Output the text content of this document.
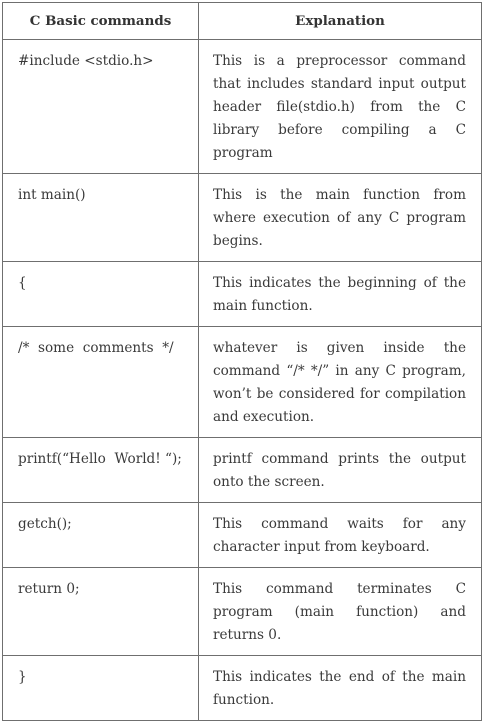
C Basic commands	Explanation
#include <stdio.h>	This is a preprocessor command that includes standard input output header file(stdio.h) from the C library before compiling a C program
int main()	This is the main function from where execution of any C program begins.
{	This indicates the beginning of the main function.
/*  some  comments  */	whatever is given inside the command “/* */” in any C program, won’t be considered for compilation and execution.
printf(“Hello  World! “);	printf command prints the output onto the screen.
getch();	This command waits for any character input from keyboard.
return 0;	This command terminates C program (main function) and returns 0.
}	This indicates the end of the main function.
